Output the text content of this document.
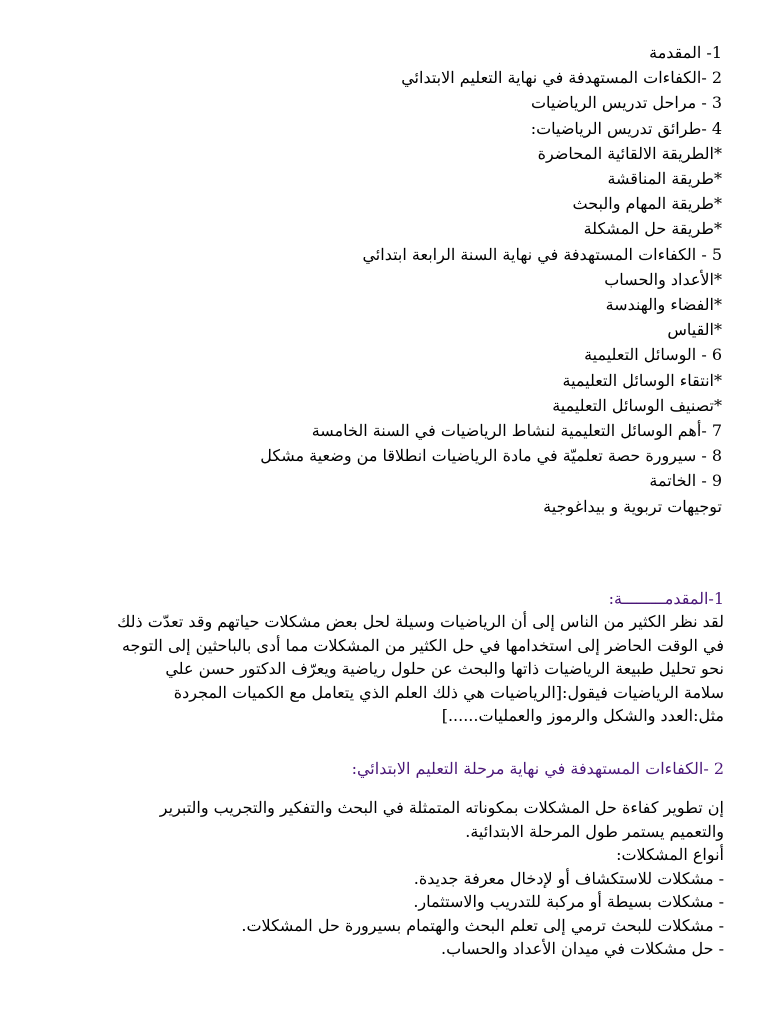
1- المقدمة
2 -الكفاءات المستهدفة في نهاية التعليم الابتدائي
3 - مراحل تدريس الرياضيات
4 -طرائق تدريس الرياضيات:
*الطريقة الالقائية المحاضرة
*طريقة المناقشة
*طريقة المهام والبحث
*طريقة حل المشكلة
5 - الكفاءات المستهدفة في نهاية السنة الرابعة ابتدائي
*الأعداد والحساب
*الفضاء والهندسة
*القياس
6 - الوسائل التعليمية
*انتقاء الوسائل التعليمية
*تصنيف الوسائل التعليمية
7 -أهم الوسائل التعليمية لنشاط الرياضيات في السنة الخامسة
8 - سيرورة حصة تعلميّة في مادة الرياضيات انطلاقا من وضعية مشكل
9 - الخاتمة
توجيهات تربوية و بيداغوجية
1-المقدمـــــــــة:
لقد نظر الكثير من الناس إلى أن الرياضيات وسيلة لحل بعض مشكلات حياتهم وقد تعدّت ذلك
في الوقت الحاضر إلى استخدامها في حل الكثير من المشكلات مما أدى بالباحثين إلى التوجه
نحو تحليل طبيعة الرياضيات ذاتها والبحث عن حلول رياضية ويعرّف الدكتور حسن علي
سلامة الرياضيات فيقول:[الرياضيات هي ذلك العلم الذي يتعامل مع الكميات المجردة
مثل:العدد والشكل والرموز والعمليات......]
2 -الكفاءات المستهدفة في نهاية مرحلة التعليم الابتدائي:
إن تطوير كفاءة حل المشكلات بمكوناته المتمثلة في البحث والتفكير والتجريب والتبرير
والتعميم يستمر طول المرحلة الابتدائية.
أنواع المشكلات:
- مشكلات للاستكشاف أو لإدخال معرفة جديدة.
- مشكلات بسيطة أو مركبة للتدريب والاستثمار.
- مشكلات للبحث ترمي إلى تعلم البحث والهتمام بسيرورة حل المشكلات.
- حل مشكلات في ميدان الأعداد والحساب.
